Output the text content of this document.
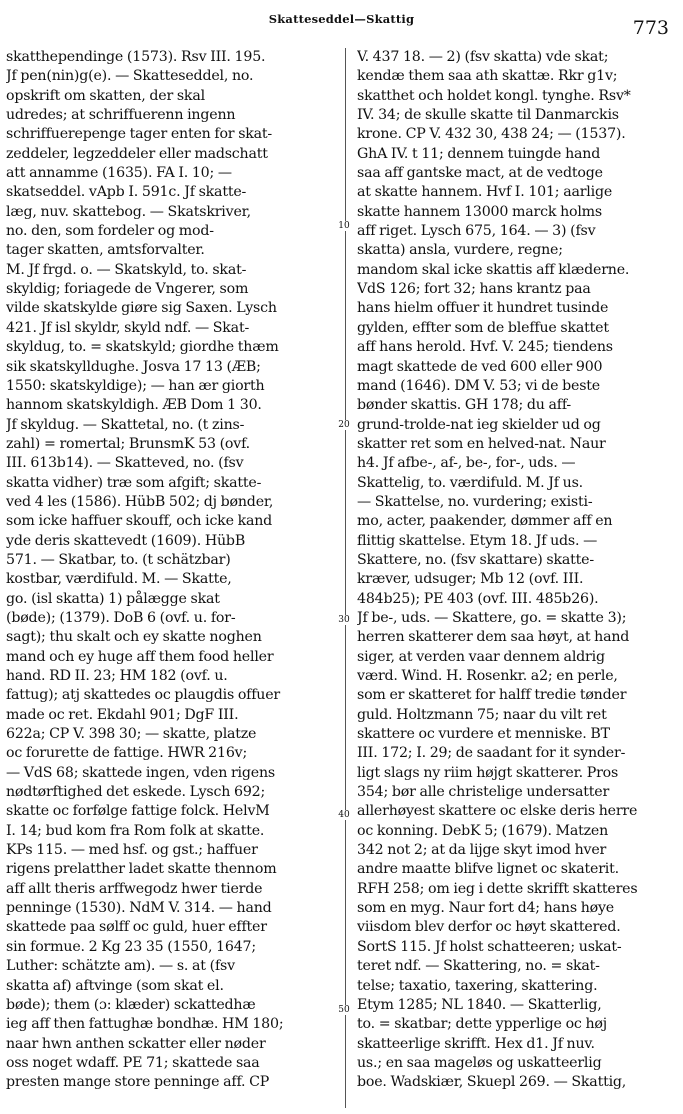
Skatteseddel—Skattig	773
skatthependinge (1573). Rsv III. 195.
Jf pen(nin)g(e). — Skatteseddel, no.
opskrift om skatten, der skal
udredes; at schriffuerenn ingenn
schriffuerepenge tager enten for skat-
zeddeler, legzeddeler eller madschatt
att annamme (1635). FA I. 10; —
skatseddel. vApb I. 591c. Jf skatte-
læg, nuv. skattebog. — Skatskriver,
no. den, som fordeler og mod-
tager skatten, amtsforvalter.
M. Jf frgd. o. — Skatskyld, to. skat-
skyldig; foriagede de Vngerer, som
vilde skatskylde giøre sig Saxen. Lysch
421. Jf isl skyldr, skyld ndf. — Skat-
skyldug, to. = skatskyld; giordhe thæm
sik skatskylldughe. Josva 17 13 (ÆB;
1550: skatskyldige); — han ær giorth
hannom skatskyldigh. ÆB Dom 1 30.
Jf skyldug. — Skattetal, no. (t zins-
zahl) = romertal; BrunsmK 53 (ovf.
III. 613b14). — Skatteved, no. (fsv
skatta vidher) træ som afgift; skatte-
ved 4 les (1586). HübB 502; dj bønder,
som icke haffuer skouff, och icke kand
yde deris skattevedt (1609). HübB
571. — Skatbar, to. (t schätzbar)
kostbar, værdifuld. M. — Skatte,
go. (isl skatta) 1) pålægge skat
(bøde); (1379). DoB 6 (ovf. u. for-
sagt); thu skalt och ey skatte noghen
mand och ey huge aff them food heller
hand. RD II. 23; HM 182 (ovf. u.
fattug); atj skattedes oc plaugdis offuer
made oc ret. Ekdahl 901; DgF III.
622a; CP V. 398 30; — skatte, platze
oc forurette de fattige. HWR 216v;
— VdS 68; skattede ingen, vden rigens
nødtørftighed det eskede. Lysch 692;
skatte oc forfølge fattige folck. HelvM
I. 14; bud kom fra Rom folk at skatte.
KPs 115. — med hsf. og gst.; haffuer
rigens prelatther ladet skatte thennom
aff allt theris arffwegodz hwer tierde
penninge (1530). NdM V. 314. — hand
skattede paa sølff oc guld, huer effter
sin formue. 2 Kg 23 35 (1550, 1647;
Luther: schätzte am). — s. at (fsv
skatta af) aftvinge (som skat el.
bøde); them (ɔ: klæder) sckattedhæ
ieg aff then fattughæ bondhæ. HM 180;
naar hwn anthen sckatter eller nøder
oss noget wdaff. PE 71; skattede saa
presten mange store penninge aff. CP
V. 437 18. — 2) (fsv skatta) vde skat;
kendæ them saa ath skattæ. Rkr g1v;
skatthet och holdet kongl. tynghe. Rsv*
IV. 34; de skulle skatte til Danmarckis
krone. CP V. 432 30, 438 24; — (1537).
GhA IV. t 11; dennem tuingde hand
saa aff gantske mact, at de vedtoge
at skatte hannem. Hvf I. 101; aarlige
skatte hannem 13000 marck holms
aff riget. Lysch 675, 164. — 3) (fsv
skatta) ansla, vurdere, regne;
mandom skal icke skattis aff klæderne.
VdS 126; fort 32; hans krantz paa
hans hielm offuer it hundret tusinde
gylden, effter som de bleffue skattet
aff hans herold. Hvf. V. 245; tiendens
magt skattede de ved 600 eller 900
mand (1646). DM V. 53; vi de beste
bønder skattis. GH 178; du aff-
grund-trolde-nat ieg skielder ud og
skatter ret som en helved-nat. Naur
h4. Jf afbe-, af-, be-, for-, uds. —
Skattelig, to. værdifuld. M. Jf us.
— Skattelse, no. vurdering; existi-
mo, acter, paakender, dømmer aff en
flittig skattelse. Etym 18. Jf uds. —
Skattere, no. (fsv skattare) skatte-
kræver, udsuger; Mb 12 (ovf. III.
484b25); PE 403 (ovf. III. 485b26).
Jf be-, uds. — Skattere, go. = skatte 3);
herren skatterer dem saa høyt, at hand
siger, at verden vaar dennem aldrig
værd. Wind. H. Rosenkr. a2; en perle,
som er skatteret for halff tredie tønder
guld. Holtzmann 75; naar du vilt ret
skattere oc vurdere et menniske. BT
III. 172; I. 29; de saadant for it synder-
ligt slags ny riim højgt skatterer. Pros
354; bør alle christelige undersatter
allerhøyest skattere oc elske deris herre
oc konning. DebK 5; (1679). Matzen
342 not 2; at da lijge skyt imod hver
andre maatte blifve lignet oc skaterit.
RFH 258; om ieg i dette skrifft skatteres
som en myg. Naur fort d4; hans høye
viisdom blev derfor oc høyt skattered.
SortS 115. Jf holst schatteeren; uskat-
teret ndf. — Skattering, no. = skat-
telse; taxatio, taxering, skattering.
Etym 1285; NL 1840. — Skatterlig,
to. = skatbar; dette ypperlige oc høj
skatteerlige skrifft. Hex d1. Jf nuv.
us.; en saa mageløs og uskatteerlig
boe. Wadskiær, Skuepl 269. — Skattig,
10
20
30
40
50
